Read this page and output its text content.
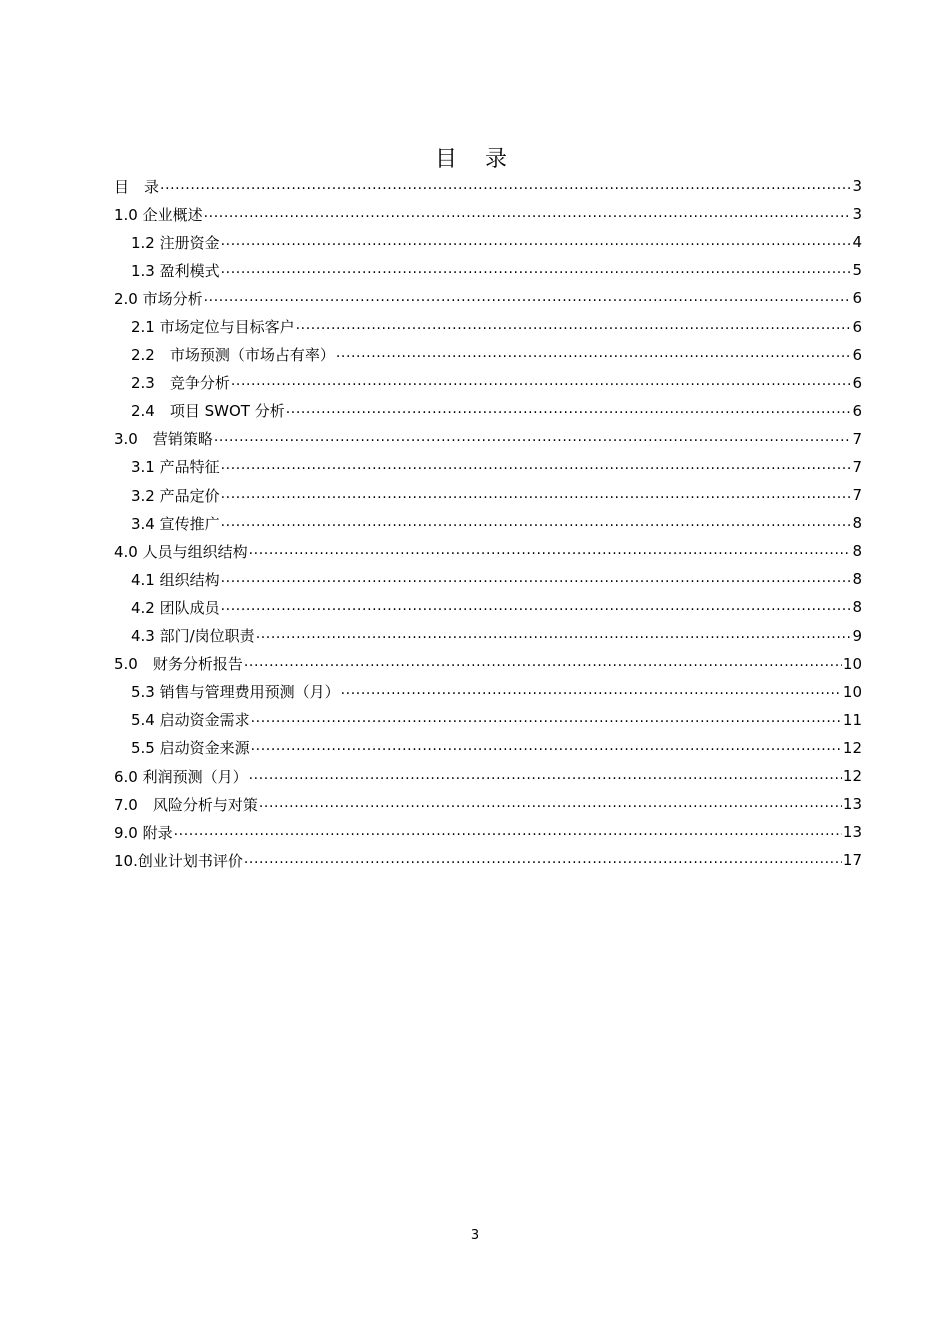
目录
目　录 .....	3
1.0 企业概述 .....	3
1.2 注册资金 .....	4
1.3 盈利模式 .....	5
2.0 市场分析 .....	6
2.1 市场定位与目标客户 .....	6
2.2　市场预测（市场占有率） .....	6
2.3　竞争分析 .....	6
2.4　项目 SWOT 分析 .....	6
3.0　营销策略 .....	7
3.1 产品特征 .....	7
3.2 产品定价 .....	7
3.4 宣传推广 .....	8
4.0 人员与组织结构 .....	8
4.1 组织结构 .....	8
4.2 团队成员 .....	8
4.3 部门/岗位职责 .....	9
5.0　财务分析报告 .....	10
5.3 销售与管理费用预测（月） .....	10
5.4 启动资金需求 .....	11
5.5 启动资金来源 .....	12
6.0 利润预测（月） .....	12
7.0　风险分析与对策 .....	13
9.0 附录 .....	13
10.创业计划书评价 .....	17
3
